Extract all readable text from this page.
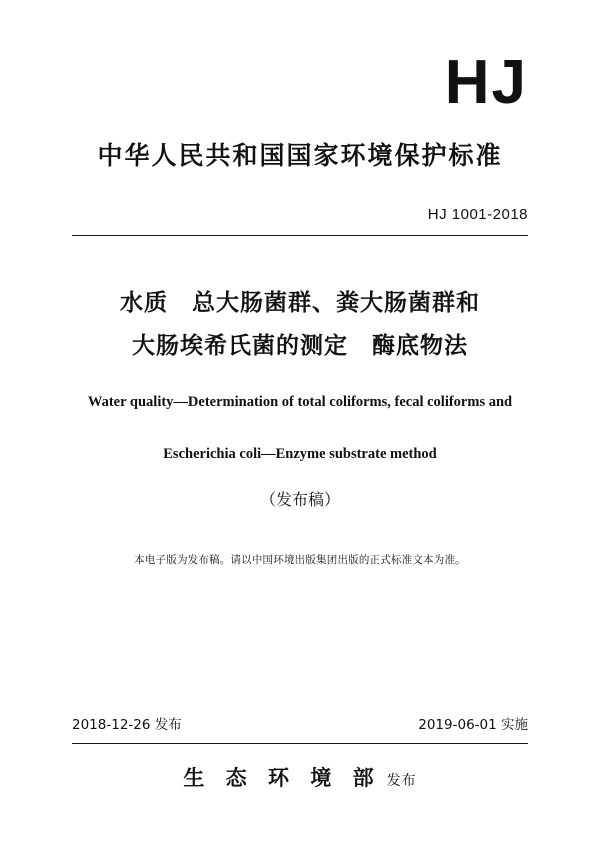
HJ
中华人民共和国国家环境保护标准
HJ 1001-2018
水质　总大肠菌群、粪大肠菌群和
大肠埃希氏菌的测定　酶底物法
Water quality—Determination of total coliforms, fecal coliforms and
Escherichia coli—Enzyme substrate method
（发布稿）
本电子版为发布稿。请以中国环境出版集团出版的正式标准文本为准。
2018-12-26 发布	2019-06-01 实施
生 态 环 境 部 发布
